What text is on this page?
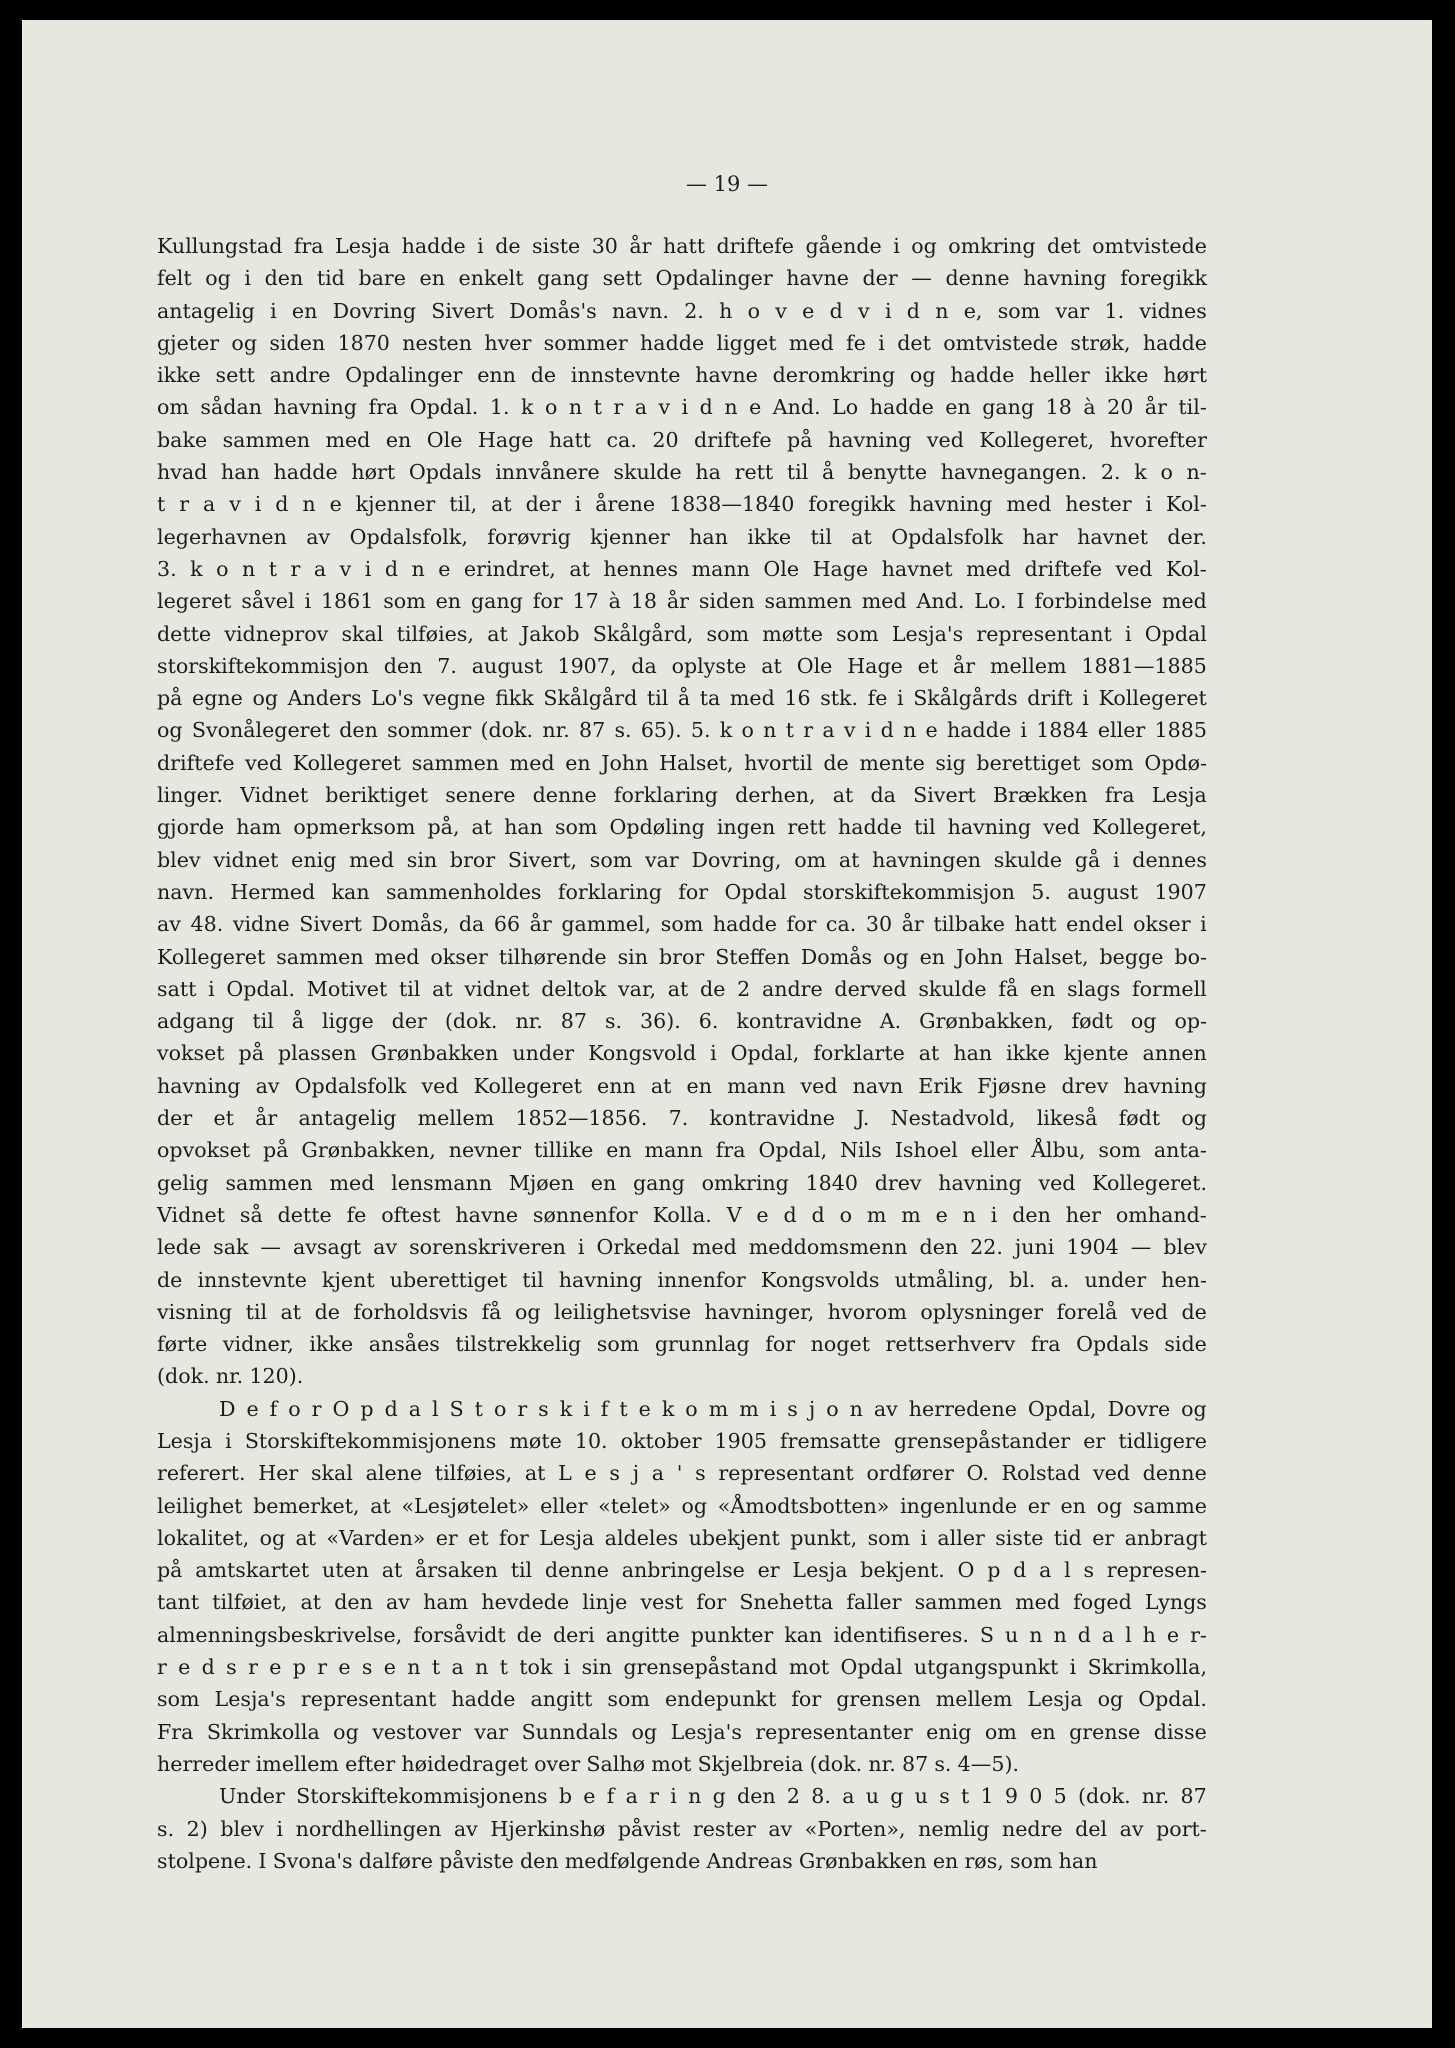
— 19 —
Kullungstad fra Lesja hadde i de siste 30 år hatt driftefe gående i og omkring det omtvistede
felt og i den tid bare en enkelt gang sett Opdalinger havne der — denne havning foregikk
antagelig i en Dovring Sivert Domås's navn. 2. h o v e d v i d n e, som var 1. vidnes
gjeter og siden 1870 nesten hver sommer hadde ligget med fe i det omtvistede strøk, hadde
ikke sett andre Opdalinger enn de innstevnte havne deromkring og hadde heller ikke hørt
om sådan havning fra Opdal. 1. k o n t r a v i d n e And. Lo hadde en gang 18 à 20 år til-
bake sammen med en Ole Hage hatt ca. 20 driftefe på havning ved Kollegeret, hvorefter
hvad han hadde hørt Opdals innvånere skulde ha rett til å benytte havnegangen. 2. k o n-
t r a v i d n e kjenner til, at der i årene 1838—1840 foregikk havning med hester i Kol-
legerhavnen av Opdalsfolk, forøvrig kjenner han ikke til at Opdalsfolk har havnet der.
3. k o n t r a v i d n e erindret, at hennes mann Ole Hage havnet med driftefe ved Kol-
legeret såvel i 1861 som en gang for 17 à 18 år siden sammen med And. Lo. I forbindelse med
dette vidneprov skal tilføies, at Jakob Skålgård, som møtte som Lesja's representant i Opdal
storskiftekommisjon den 7. august 1907, da oplyste at Ole Hage et år mellem 1881—1885
på egne og Anders Lo's vegne fikk Skålgård til å ta med 16 stk. fe i Skålgårds drift i Kollegeret
og Svonålegeret den sommer (dok. nr. 87 s. 65). 5. k o n t r a v i d n e hadde i 1884 eller 1885
driftefe ved Kollegeret sammen med en John Halset, hvortil de mente sig berettiget som Opdø-
linger. Vidnet beriktiget senere denne forklaring derhen, at da Sivert Brækken fra Lesja
gjorde ham opmerksom på, at han som Opdøling ingen rett hadde til havning ved Kollegeret,
blev vidnet enig med sin bror Sivert, som var Dovring, om at havningen skulde gå i dennes
navn. Hermed kan sammenholdes forklaring for Opdal storskiftekommisjon 5. august 1907
av 48. vidne Sivert Domås, da 66 år gammel, som hadde for ca. 30 år tilbake hatt endel okser i
Kollegeret sammen med okser tilhørende sin bror Steffen Domås og en John Halset, begge bo-
satt i Opdal. Motivet til at vidnet deltok var, at de 2 andre derved skulde få en slags formell
adgang til å ligge der (dok. nr. 87 s. 36). 6. kontravidne A. Grønbakken, født og op-
vokset på plassen Grønbakken under Kongsvold i Opdal, forklarte at han ikke kjente annen
havning av Opdalsfolk ved Kollegeret enn at en mann ved navn Erik Fjøsne drev havning
der et år antagelig mellem 1852—1856. 7. kontravidne J. Nestadvold, likeså født og
opvokset på Grønbakken, nevner tillike en mann fra Opdal, Nils Ishoel eller Ålbu, som anta-
gelig sammen med lensmann Mjøen en gang omkring 1840 drev havning ved Kollegeret.
Vidnet så dette fe oftest havne sønnenfor Kolla. V e d d o m m e n i den her omhand-
lede sak — avsagt av sorenskriveren i Orkedal med meddomsmenn den 22. juni 1904 — blev
de innstevnte kjent uberettiget til havning innenfor Kongsvolds utmåling, bl. a. under hen-
visning til at de forholdsvis få og leilighetsvise havninger, hvorom oplysninger forelå ved de
førte vidner, ikke ansåes tilstrekkelig som grunnlag for noget rettserhverv fra Opdals side
(dok. nr. 120).
D e f o r O p d a l S t o r s k i f t e k o m m i s j o n av herredene Opdal, Dovre og
Lesja i Storskiftekommisjonens møte 10. oktober 1905 fremsatte grensepåstander er tidligere
referert. Her skal alene tilføies, at L e s j a ' s representant ordfører O. Rolstad ved denne
leilighet bemerket, at «Lesjøtelet» eller «telet» og «Åmodtsbotten» ingenlunde er en og samme
lokalitet, og at «Varden» er et for Lesja aldeles ubekjent punkt, som i aller siste tid er anbragt
på amtskartet uten at årsaken til denne anbringelse er Lesja bekjent. O p d a l s represen-
tant tilføiet, at den av ham hevdede linje vest for Snehetta faller sammen med foged Lyngs
almenningsbeskrivelse, forsåvidt de deri angitte punkter kan identifiseres. S u n n d a l h e r-
r e d s r e p r e s e n t a n t tok i sin grensepåstand mot Opdal utgangspunkt i Skrimkolla,
som Lesja's representant hadde angitt som endepunkt for grensen mellem Lesja og Opdal.
Fra Skrimkolla og vestover var Sunndals og Lesja's representanter enig om en grense disse
herreder imellem efter høidedraget over Salhø mot Skjelbreia (dok. nr. 87 s. 4—5).
Under Storskiftekommisjonens b e f a r i n g den 2 8. a u g u s t 1 9 0 5 (dok. nr. 87
s. 2) blev i nordhellingen av Hjerkinshø påvist rester av «Porten», nemlig nedre del av port-
stolpene. I Svona's dalføre påviste den medfølgende Andreas Grønbakken en røs, som han
